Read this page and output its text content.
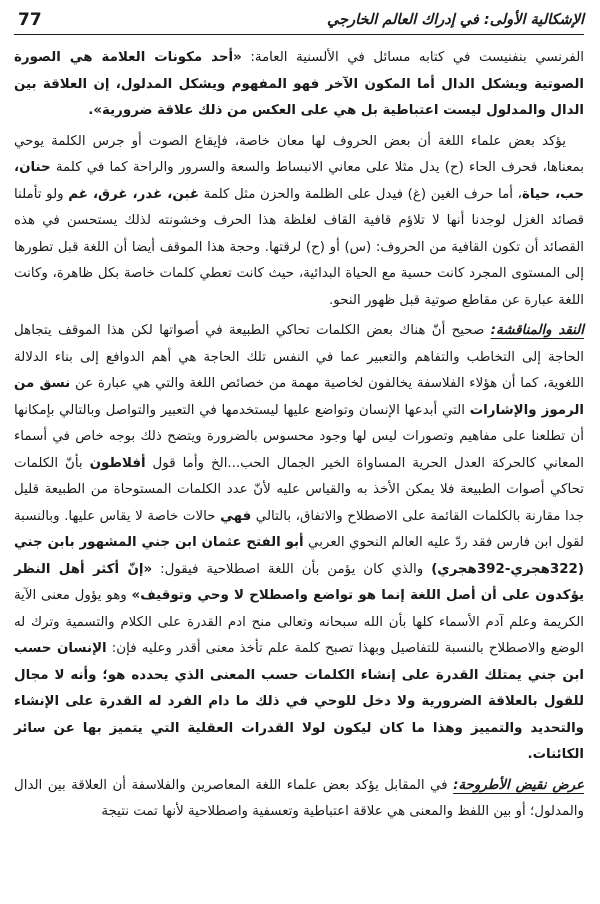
الإشكالية الأولى: في إدراك العالم الخارجي
77

الفرنسي بنفنيست في كتابه مسائل في الألسنية العامة: «أحد مكونات العلامة هي الصورة الصوتية ويشكل الدال أما المكون الآخر فهو المفهوم ويشكل المدلول، إن العلاقة بين الدال والمدلول ليست اعتباطية بل هي على العكس من ذلك علاقة ضرورية».

يؤكد بعض علماء اللغة أن بعض الحروف لها معان خاصة، فإيقاع الصوت أو جرس الكلمة يوحي بمعناها، فحرف الحاء (ح) يدل مثلا على معاني الانبساط والسعة والسرور والراحة كما في كلمة حنان، حب، حياة، أما حرف الغين (غ) فيدل على الظلمة والحزن مثل كلمة غبن، غدر، غرق، غم ولو تأملنا قصائد الغزل لوجدنا أنها لا تلاؤم قافية القاف لغلظة هذا الحرف وخشونته لذلك يستحسن في هذه القصائد أن تكون القافية من الحروف: (س) أو (ح) لرقتها. وحجة هذا الموقف أيضا أن اللغة قبل تطورها إلى المستوى المجرد كانت حسية مع الحياة البدائية، حيث كانت تعطي كلمات خاصة بكل ظاهرة، وكانت اللغة عبارة عن مقاطع صوتية قبل ظهور النحو.

النقد والمناقشة: صحيح أنّ هناك بعض الكلمات تحاكي الطبيعة في أصواتها لكن هذا الموقف يتجاهل الحاجة إلى التخاطب والتفاهم والتعبير عما في النفس تلك الحاجة هي أهم الدوافع إلى بناء الدلالة اللغوية، كما أن هؤلاء الفلاسفة يخالفون لخاصية مهمة من خصائص اللغة والتي هي عبارة عن نسق من الرموز والإشارات التي أبدعها الإنسان وتواضع عليها ليستخدمها في التعبير والتواصل وبالتالي بإمكانها أن تطلعنا على مفاهيم وتصورات ليس لها وجود محسوس بالضرورة ويتضح ذلك بوجه خاص في أسماء المعاني كالحركة العدل الحرية المساواة الخير الجمال الحب...الخ وأما قول أفلاطون بأنّ الكلمات تحاكي أصوات الطبيعة فلا يمكن الأخذ به والقياس عليه لأنّ عدد الكلمات المستوحاة من الطبيعة قليل جدا مقارنة بالكلمات القائمة على الاصطلاح والاتفاق، بالتالي فهي حالات خاصة لا يقاس عليها. وبالنسبة لقول ابن فارس فقد ردّ عليه العالم النحوي العربي أبو الفتح عثمان ابن جني المشهور بابن جني (322هجري-392هجري) والذي كان يؤمن بأن اللغة اصطلاحية فيقول: «إنّ أكثر أهل النظر يؤكدون على أن أصل اللغة إنما هو تواضع واصطلاح لا وحي وتوقيف» وهو يؤول معنى الآية الكريمة وعلم آدم الأسماء كلها بأن الله سبحانه وتعالى منح ادم القدرة على الكلام والتسمية وترك له الوضع والاصطلاح بالنسبة للتفاصيل وبهذا تصبح كلمة علم تأخذ معنى أقدر وعليه فإن: الإنسان حسب ابن جني يمتلك القدرة على إنشاء الكلمات حسب المعنى الذي يحدده هو؛ وأنه لا مجال للقول بالعلاقة الضرورية ولا دخل للوحي في ذلك ما دام الفرد له القدرة على الإنشاء والتحديد والتمييز وهذا ما كان ليكون لولا القدرات العقلية التي يتميز بها عن سائر الكائنات.

عرض نقيض الأطروحة: في المقابل يؤكد بعض علماء اللغة المعاصرين والفلاسفة أن العلاقة بين الدال والمدلول؛ أو بين اللفظ والمعنى هي علاقة اعتباطية وتعسفية واصطلاحية لأنها تمت نتيجة
